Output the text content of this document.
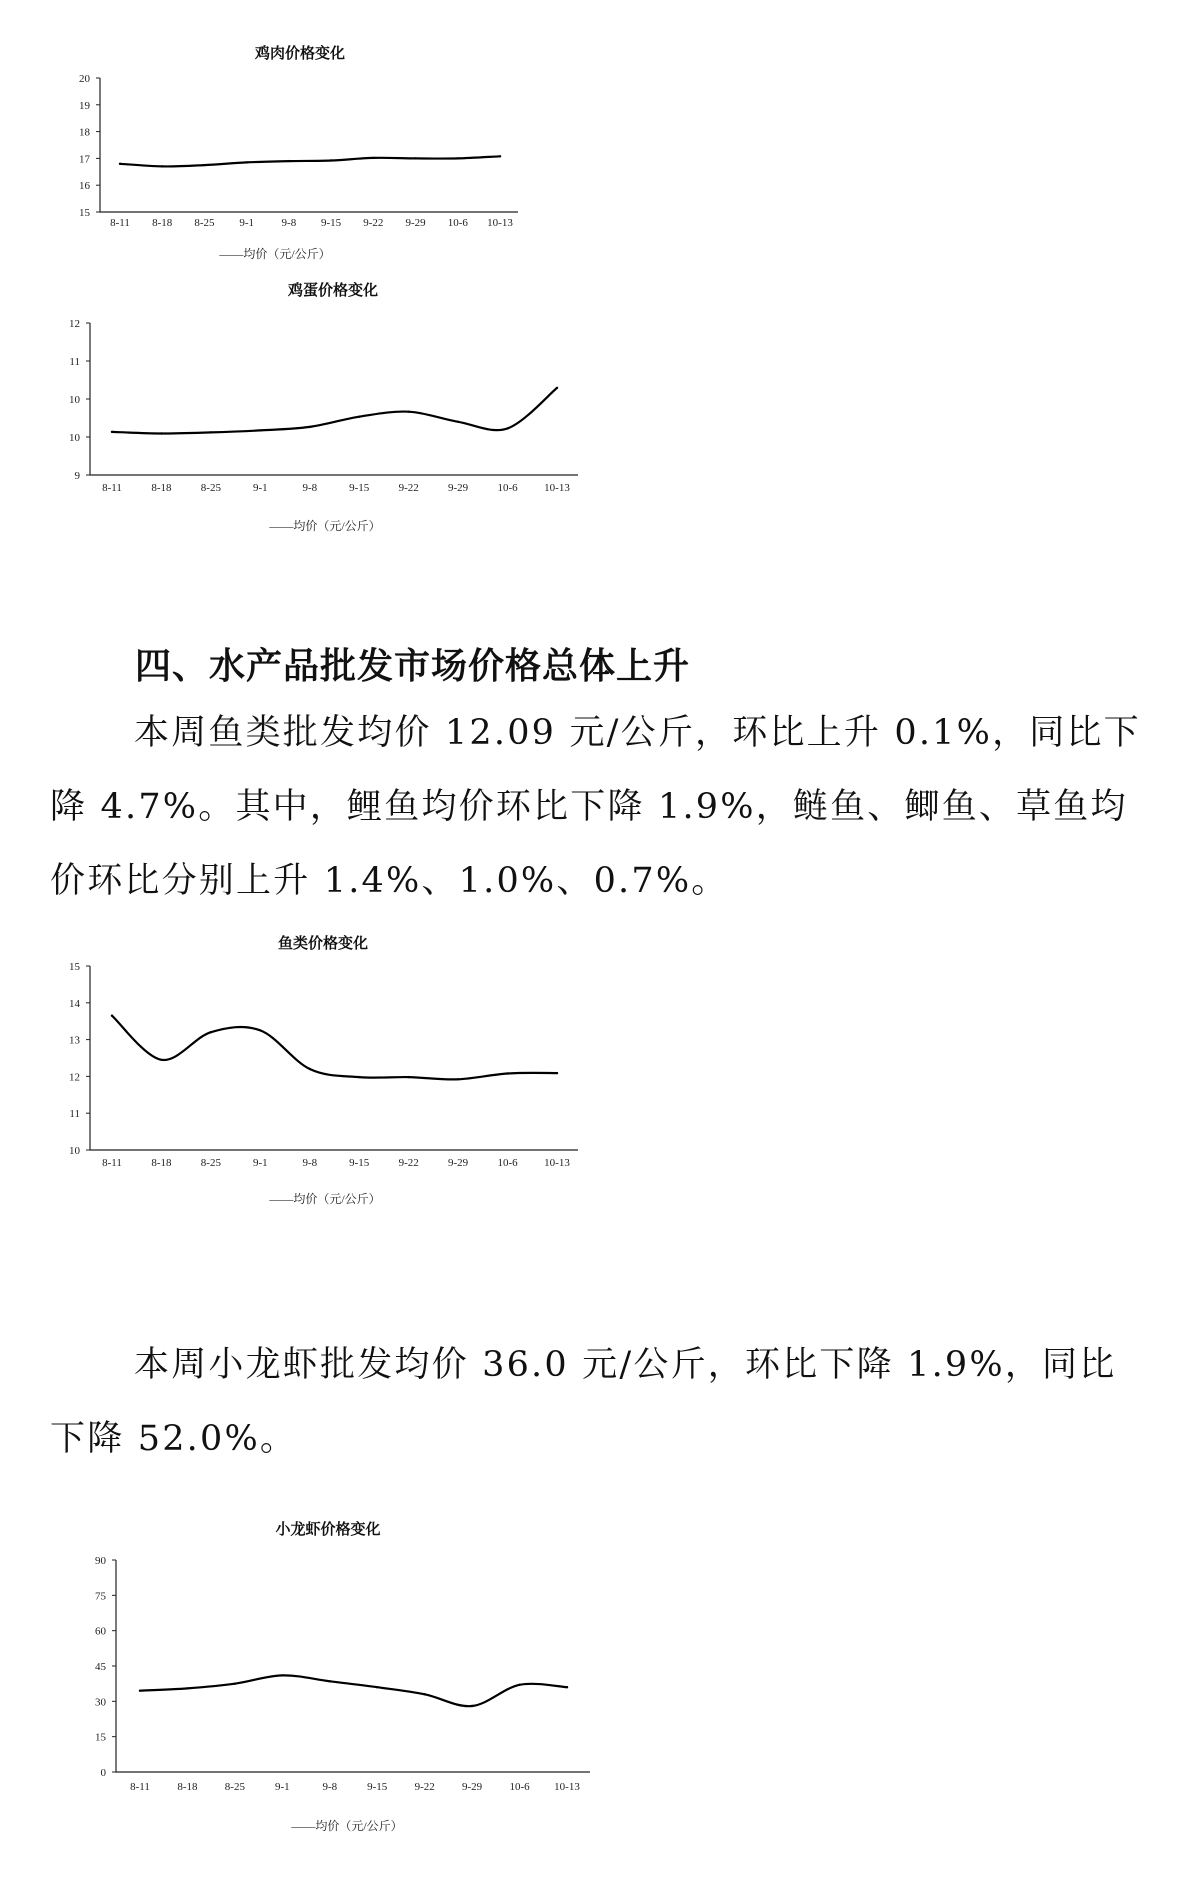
鸡肉价格变化
——均价（元/公斤）
15
16
17
18
19
20
8-11 8-18 8-25 9-1	9-8 9-15 9-22 9-29 10-6 10-13
鸡蛋价格变化
——均价（元/公斤）
9
10
10
11
12
8-11	8-18	8-25	9-1	9-8	9-15	9-22	9-29	10-6 10-13
四、水产品批发市场价格总体上升

本周鱼类批发均价 12.09 元/公斤，环比上升 0.1%，同比下降 4.7%。其中，鲤鱼均价环比下降 1.9%，鲢鱼、鲫鱼、草鱼均价环比分别上升 1.4%、1.0%、0.7%。

鱼类价格变化
——均价（元/公斤）
10
11
12
13
14
15
8-11	8-18	8-25	9-1	9-8	9-15	9-22	9-29	10-6 10-13

本周小龙虾批发均价 36.0 元/公斤，环比下降 1.9%，同比下降 52.0%。

小龙虾价格变化
——均价（元/公斤）
0
15
30
45
60
75
90
8-11 8-18 8-25	9-1	9-8	9-15 9-22 9-29 10-6 10-13
